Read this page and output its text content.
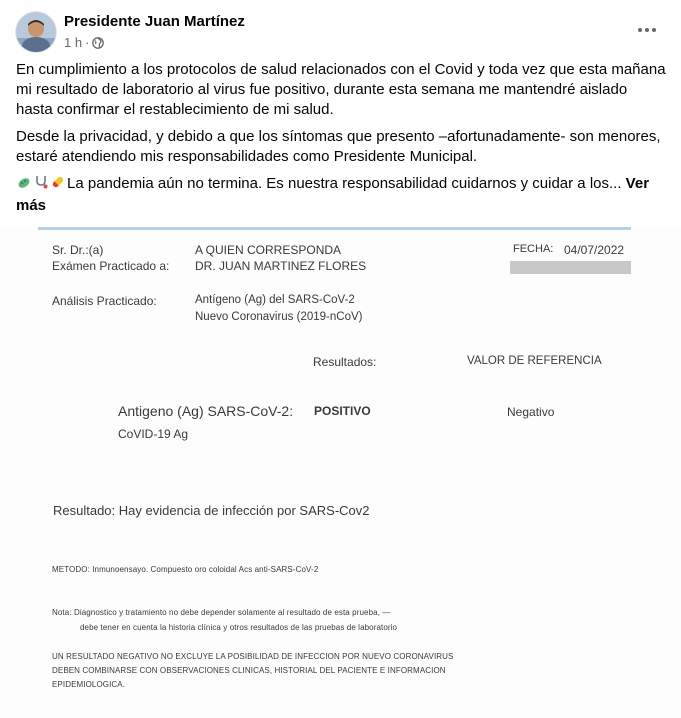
Presidente Juan Martínez
1 h ·

En cumplimiento a los protocolos de salud relacionados con el Covid y toda vez que esta mañana mi resultado de laboratorio al virus fue positivo, durante esta semana me mantendré aislado hasta confirmar el restablecimiento de mi salud.

Desde la privacidad, y debido a que los síntomas que presento –afortunadamente- son menores, estaré atendiendo mis responsabilidades como Presidente Municipal.

La pandemia aún no termina. Es nuestra responsabilidad cuidarnos y cuidar a los... Ver
más
Sr. Dr.:(a)	A QUIEN CORRESPONDA	FECHA: 04/07/2022
Exámen Practicado a: DR. JUAN MARTINEZ FLORES
Análisis Practicado:	Antígeno (Ag) del SARS-CoV-2
Nuevo Coronavirus (2019-nCoV)
Resultados:	VALOR DE REFERENCIA
Antigeno (Ag) SARS-CoV-2: POSITIVO	Negativo
CoVID-19 Ag
Resultado: Hay evidencia de infección por SARS-Cov2
METODO: Inmunoensayo. Compuesto oro coloidal Acs anti-SARS-CoV-2
Nota: Diagnostico y tratamiento no debe depender solamente al resultado de esta prueba, —
debe tener en cuenta la historia clínica y otros resultados de las pruebas de laboratorio
UN RESULTADO NEGATIVO NO EXCLUYE LA POSIBILIDAD DE INFECCION POR NUEVO CORONAVIRUS
DEBEN COMBINARSE CON OBSERVACIONES CLINICAS, HISTORIAL DEL PACIENTE E INFORMACION
EPIDEMIOLOGICA.
